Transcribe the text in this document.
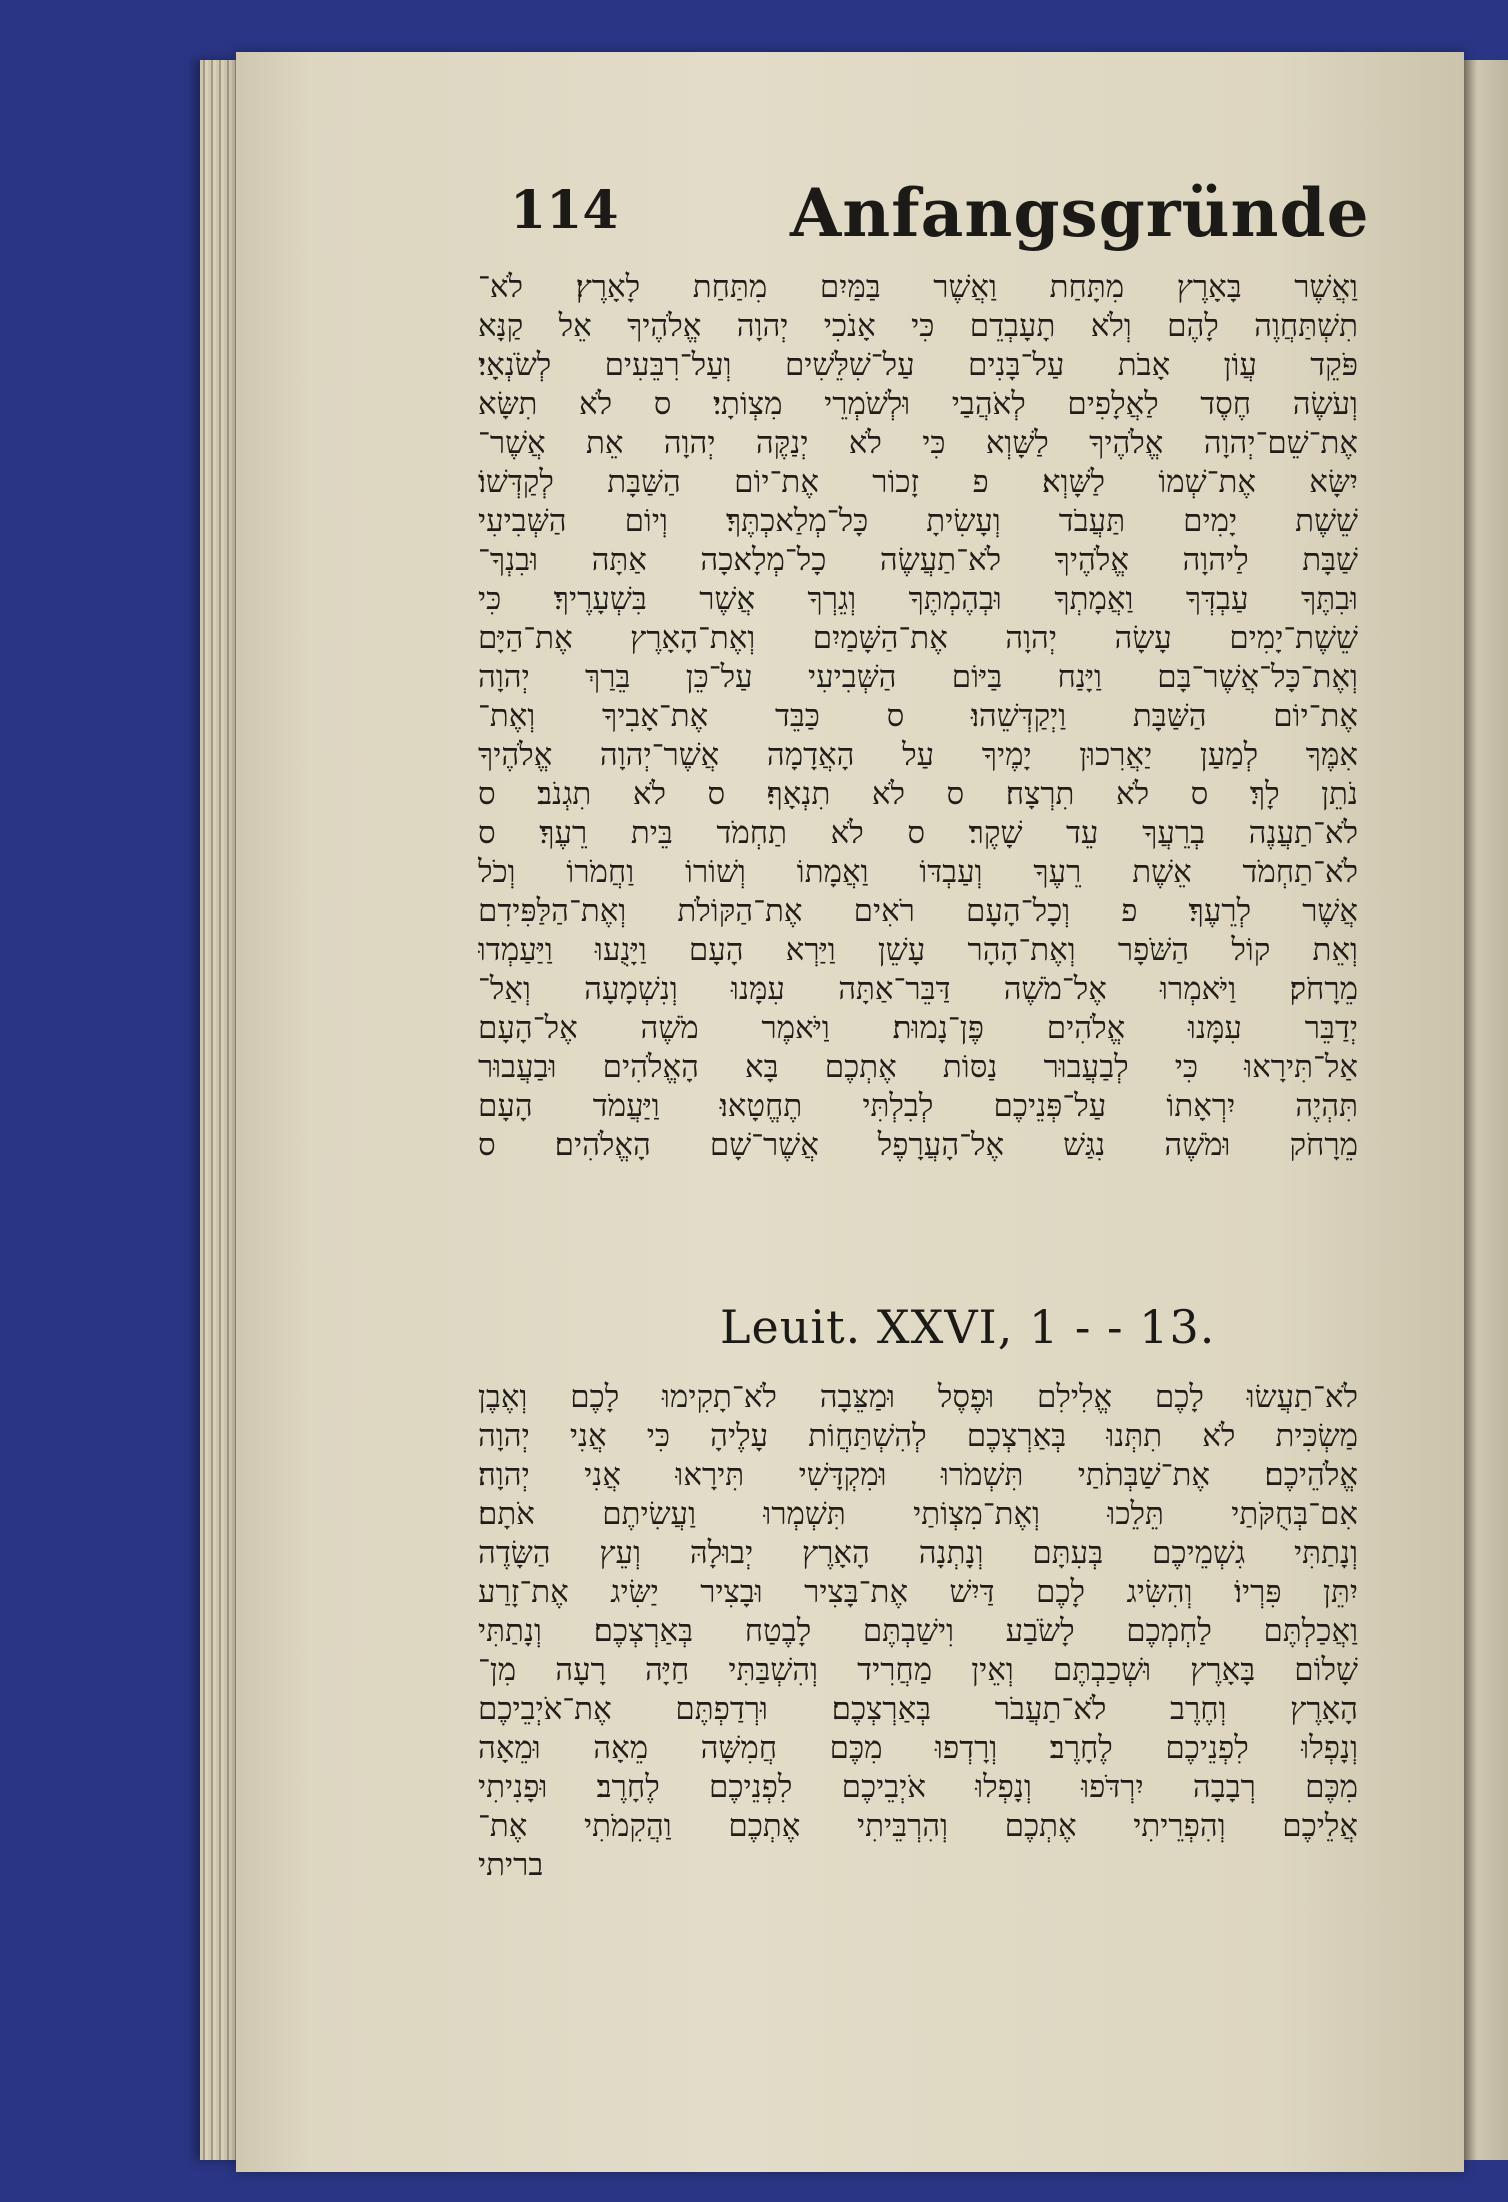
114	Anfangsgründe
וַאֲשֶׁר בָּאָרֶץ מִתָּחַת וַאֲשֶׁר בַּמַּיִם מִתַּחַת לָאָרֶץ׃ לֹא־
תִשְׁתַּחֲוֶה לָהֶם וְלֹא תָעָבְדֵם כִּי אָנֹכִי יְהוָה אֱלֹהֶיךָ אֵל קַנָּא
פֹּקֵד עֲוֹן אָבֹת עַל־בָּנִים עַל־שִׁלֵּשִׁים וְעַל־רִבֵּעִים לְשֹׂנְאָי׃
וְעֹשֶׂה חֶסֶד לַאֲלָפִים לְאֹהֲבַי וּלְשֹׁמְרֵי מִצְוֹתָי׃ ס לֹא תִשָּׂא
אֶת־שֵׁם־יְהוָה אֱלֹהֶיךָ לַשָּׁוְא כִּי לֹא יְנַקֶּה יְהוָה אֵת אֲשֶׁר־
יִשָּׂא אֶת־שְׁמוֹ לַשָּׁוְא׃ פ זָכוֹר אֶת־יוֹם הַשַּׁבָּת לְקַדְּשׁוֹ׃
שֵׁשֶׁת יָמִים תַּעֲבֹד וְעָשִׂיתָ כָּל־מְלַאכְתֶּךָ׃ וְיוֹם הַשְּׁבִיעִי
שַׁבָּת לַיהוָה אֱלֹהֶיךָ לֹא־תַעֲשֶׂה כָל־מְלָאכָה אַתָּה וּבִנְךָ־
וּבִתֶּךָ עַבְדְּךָ וַאֲמָתְךָ וּבְהֶמְתֶּךָ וְגֵרְךָ אֲשֶׁר בִּשְׁעָרֶיךָ׃ כִּי
שֵׁשֶׁת־יָמִים עָשָׂה יְהוָה אֶת־הַשָּׁמַיִם וְאֶת־הָאָרֶץ אֶת־הַיָּם
וְאֶת־כָּל־אֲשֶׁר־בָּם וַיָּנַח בַּיּוֹם הַשְּׁבִיעִי עַל־כֵּן בֵּרַךְ יְהוָה
אֶת־יוֹם הַשַּׁבָּת וַיְקַדְּשֵׁהוּ׃ ס כַּבֵּד אֶת־אָבִיךָ וְאֶת־
אִמֶּךָ לְמַעַן יַאֲרִכוּן יָמֶיךָ עַל הָאֲדָמָה אֲשֶׁר־יְהוָה אֱלֹהֶיךָ
נֹתֵן לָךְ׃ ס לֹא תִרְצָח׃ ס לֹא תִנְאָף׃ ס לֹא תִגְנֹב׃ ס
לֹא־תַעֲנֶה בְרֵעֲךָ עֵד שָׁקֶר׃ ס לֹא תַחְמֹד בֵּית רֵעֶךָ׃ ס
לֹא־תַחְמֹד אֵשֶׁת רֵעֶךָ וְעַבְדּוֹ וַאֲמָתוֹ וְשׁוֹרוֹ וַחֲמֹרוֹ וְכֹל
אֲשֶׁר לְרֵעֶךָ׃ פ וְכָל־הָעָם רֹאִים אֶת־הַקּוֹלֹת וְאֶת־הַלַּפִּידִם
וְאֵת קוֹל הַשֹּׁפָר וְאֶת־הָהָר עָשֵׁן וַיַּרְא הָעָם וַיָּנֻעוּ וַיַּעַמְדוּ
מֵרָחֹק׃ וַיֹּאמְרוּ אֶל־מֹשֶׁה דַּבֵּר־אַתָּה עִמָּנוּ וְנִשְׁמָעָה וְאַל־
יְדַבֵּר עִמָּנוּ אֱלֹהִים פֶּן־נָמוּת׃ וַיֹּאמֶר מֹשֶׁה אֶל־הָעָם
אַל־תִּירָאוּ כִּי לְבַעֲבוּר נַסּוֹת אֶתְכֶם בָּא הָאֱלֹהִים וּבַעֲבוּר
תִּהְיֶה יִרְאָתוֹ עַל־פְּנֵיכֶם לְבִלְתִּי תֶחֱטָאוּ׃ וַיַּעֲמֹד הָעָם
מֵרָחֹק וּמֹשֶׁה נִגַּשׁ אֶל־הָעֲרָפֶל אֲשֶׁר־שָׁם הָאֱלֹהִים׃ ס
Leuit. XXVI, 1 - - 13.
לֹא־תַעֲשׂוּ לָכֶם אֱלִילִם וּפֶסֶל וּמַצֵּבָה לֹא־תָקִימוּ לָכֶם וְאֶבֶן
מַשְׂכִּית לֹא תִתְּנוּ בְּאַרְצְכֶם לְהִשְׁתַּחֲוֹת עָלֶיהָ כִּי אֲנִי יְהוָה
אֱלֹהֵיכֶם׃ אֶת־שַׁבְּתֹתַי תִּשְׁמֹרוּ וּמִקְדָּשִׁי תִּירָאוּ אֲנִי יְהוָה׃
אִם־בְּחֻקֹּתַי תֵּלֵכוּ וְאֶת־מִצְוֹתַי תִּשְׁמְרוּ וַעֲשִׂיתֶם אֹתָם׃
וְנָתַתִּי גִשְׁמֵיכֶם בְּעִתָּם וְנָתְנָה הָאָרֶץ יְבוּלָהּ וְעֵץ הַשָּׂדֶה
יִתֵּן פִּרְיוֹ׃ וְהִשִּׂיג לָכֶם דַּיִשׁ אֶת־בָּצִיר וּבָצִיר יַשִּׂיג אֶת־זָרַע
וַאֲכַלְתֶּם לַחְמְכֶם לָשֹׂבַע וִישַׁבְתֶּם לָבֶטַח בְּאַרְצְכֶם׃ וְנָתַתִּי
שָׁלוֹם בָּאָרֶץ וּשְׁכַבְתֶּם וְאֵין מַחֲרִיד וְהִשְׁבַּתִּי חַיָּה רָעָה מִן־
הָאָרֶץ וְחֶרֶב לֹא־תַעֲבֹר בְּאַרְצְכֶם׃ וּרְדַפְתֶּם אֶת־אֹיְבֵיכֶם
וְנָפְלוּ לִפְנֵיכֶם לֶחָרֶב׃ וְרָדְפוּ מִכֶּם חֲמִשָּׁה מֵאָה וּמֵאָה
מִכֶּם רְבָבָה יִרְדֹּפוּ וְנָפְלוּ אֹיְבֵיכֶם לִפְנֵיכֶם לֶחָרֶב׃ וּפָנִיתִי
אֲלֵיכֶם וְהִפְרֵיתִי אֶתְכֶם וְהִרְבֵּיתִי אֶתְכֶם וַהֲקִמֹתִי אֶת־
בריתי
